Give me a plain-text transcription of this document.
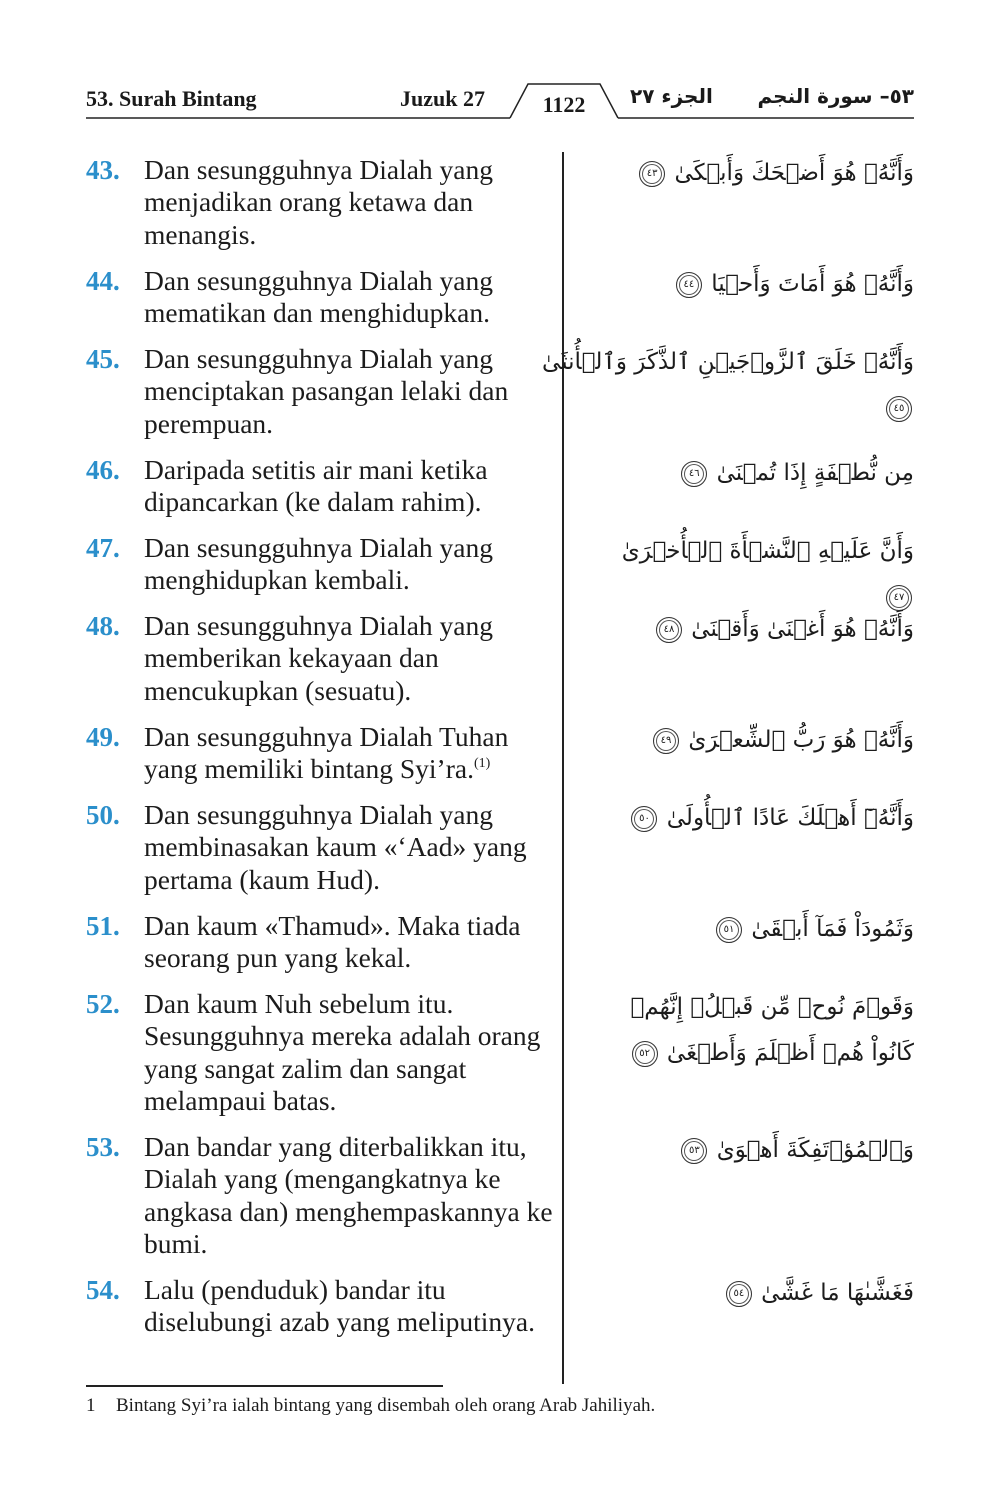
53. Surah Bintang	Juzuk 27	1122	الجزء ٢٧ ٥٣– سورة النجم
43. Dan sesungguhnya Dialah yang menjadikan orang ketawa dan menangis.
وَأَنَّهُۥ هُوَ أَضۡحَكَ وَأَبۡكَىٰ ٤٣
44. Dan sesungguhnya Dialah yang mematikan dan menghidupkan.
وَأَنَّهُۥ هُوَ أَمَاتَ وَأَحۡيَا ٤٤
45. Dan sesungguhnya Dialah yang menciptakan pasangan lelaki dan perempuan.
وَأَنَّهُۥ خَلَقَ ٱلزَّوۡجَيۡنِ ٱلذَّكَرَ وَٱلۡأُنثَىٰ ٤٥
46. Daripada setitis air mani ketika dipancarkan (ke dalam rahim).
مِن نُّطۡفَةٍ إِذَا تُمۡنَىٰ ٤٦
47. Dan sesungguhnya Dialah yang menghidupkan kembali.
وَأَنَّ عَلَيۡهِ ٱلنَّشۡأَةَ ٱلۡأُخۡرَىٰ ٤٧
48. Dan sesungguhnya Dialah yang memberikan kekayaan dan mencukupkan (sesuatu).
وَأَنَّهُۥ هُوَ أَغۡنَىٰ وَأَقۡنَىٰ ٤٨
49. Dan sesungguhnya Dialah Tuhan yang memiliki bintang Syi’ra.$^{(1)}$
وَأَنَّهُۥ هُوَ رَبُّ ٱلشِّعۡرَىٰ ٤٩
50. Dan sesungguhnya Dialah yang membinasakan kaum «‘Aad» yang pertama (kaum Hud).
وَأَنَّهُۥٓ أَهۡلَكَ عَادًا ٱلۡأُولَىٰ ٥٠
51. Dan kaum «Thamud». Maka tiada seorang pun yang kekal.
وَثَمُودَاْ فَمَآ أَبۡقَىٰ ٥١
52. Dan kaum Nuh sebelum itu. Sesungguhnya mereka adalah orang yang sangat zalim dan sangat melampaui batas.
وَقَوۡمَ نُوحٖ مِّن قَبۡلُۖ إِنَّهُمۡ كَانُواْ هُمۡ أَظۡلَمَ وَأَطۡغَىٰ ٥٢
53. Dan bandar yang diterbalikkan itu, Dialah yang (mengangkatnya ke angkasa dan) menghempaskannya ke bumi.
وَٱلۡمُؤۡتَفِكَةَ أَهۡوَىٰ ٥٣
54. Lalu (penduduk) bandar itu diselubungi azab yang meliputinya.
فَغَشَّىٰهَا مَا غَشَّىٰ ٥٤
1 Bintang Syi’ra ialah bintang yang disembah oleh orang Arab Jahiliyah.
